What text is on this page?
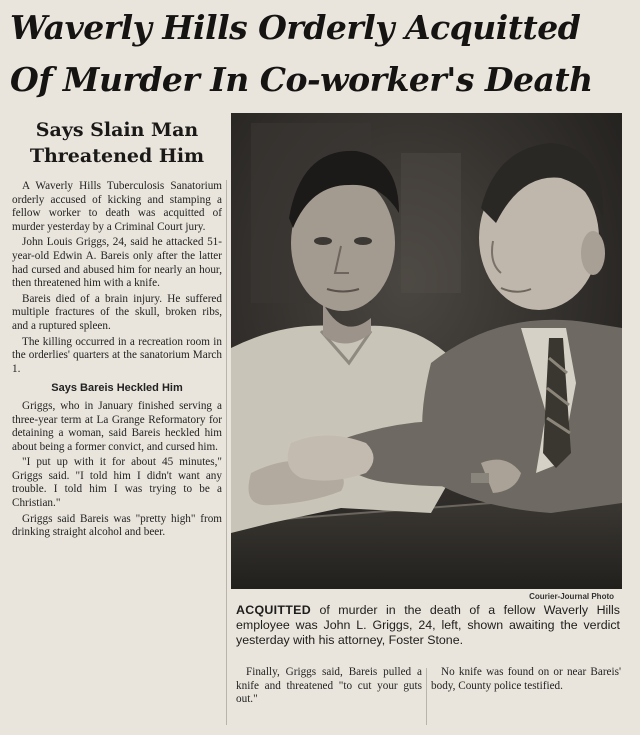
Waverly Hills Orderly Acquitted
Of Murder In Co-worker's Death
Says Slain Man
Threatened Him

A Waverly Hills Tuberculosis Sanatorium orderly accused of kicking and stamping a fellow worker to death was acquitted of murder yesterday by a Criminal Court jury.

John Louis Griggs, 24, said he attacked 51-year-old Edwin A. Bareis only after the latter had cursed and abused him for nearly an hour, then threatened him with a knife.

Bareis died of a brain injury. He suffered multiple fractures of the skull, broken ribs, and a ruptured spleen.

The killing occurred in a recreation room in the orderlies' quarters at the sanatorium March 1.

Says Bareis Heckled Him

Griggs, who in January finished serving a three-year term at La Grange Reformatory for detaining a woman, said Bareis heckled him about being a former convict, and cursed him.

"I put up with it for about 45 minutes," Griggs said. "I told him I didn't want any trouble. I told him I was trying to be a Christian."

Griggs said Bareis was "pretty high" from drinking straight alcohol and beer.

Courier-Journal Photo
ACQUITTED of murder in the death of a fellow Waverly Hills employee was John L. Griggs, 24, left, shown awaiting the verdict yesterday with his attorney, Foster Stone.

Finally, Griggs said, Bareis pulled a knife and threatened "to cut your guts out."

No knife was found on or near Bareis' body, County police testified.
